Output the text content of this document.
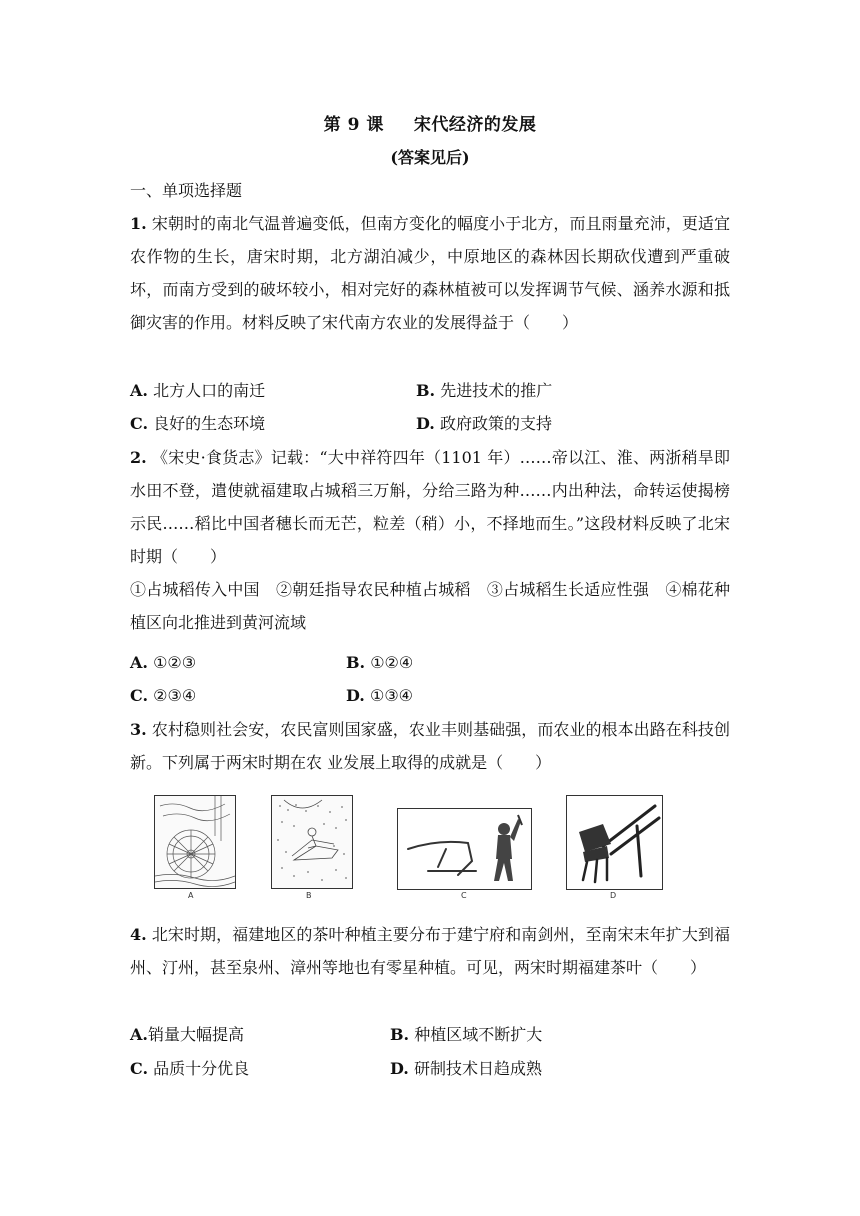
第 9 课 宋代经济的发展
(答案见后)
一、单项选择题
1. 宋朝时的南北气温普遍变低，但南方变化的幅度小于北方，而且雨量充沛，更适宜农作物的生长，唐宋时期，北方湖泊减少，中原地区的森林因长期砍伐遭到严重破坏，而南方受到的破坏较小，相对完好的森林植被可以发挥调节气候、涵养水源和抵御灾害的作用。材料反映了宋代南方农业的发展得益于（　　）
A. 北方人口的南迁	B. 先进技术的推广
C. 良好的生态环境	D. 政府政策的支持
2. 《宋史·食货志》记载：“大中祥符四年（1101 年）……帝以江、淮、两浙稍旱即水田不登，遣使就福建取占城稻三万斛，分给三路为种……内出种法，命转运使揭榜示民……稻比中国者穗长而无芒，粒差（稍）小，不择地而生。”这段材料反映了北宋时期（　　）
①占城稻传入中国　②朝廷指导农民种植占城稻　③占城稻生长适应性强　④棉花种植区向北推进到黄河流域
A. ①②③	B. ①②④
C. ②③④	D. ①③④
3. 农村稳则社会安，农民富则国家盛，农业丰则基础强，而农业的根本出路在科技创新。下列属于两宋时期在农 业发展上取得的成就是（　　）
A	B	C	D
4. 北宋时期，福建地区的茶叶种植主要分布于建宁府和南剑州，至南宋末年扩大到福州、汀州，甚至泉州、漳州等地也有零星种植。可见，两宋时期福建茶叶（　　）
A.销量大幅提高	B. 种植区域不断扩大
C. 品质十分优良	D. 研制技术日趋成熟
